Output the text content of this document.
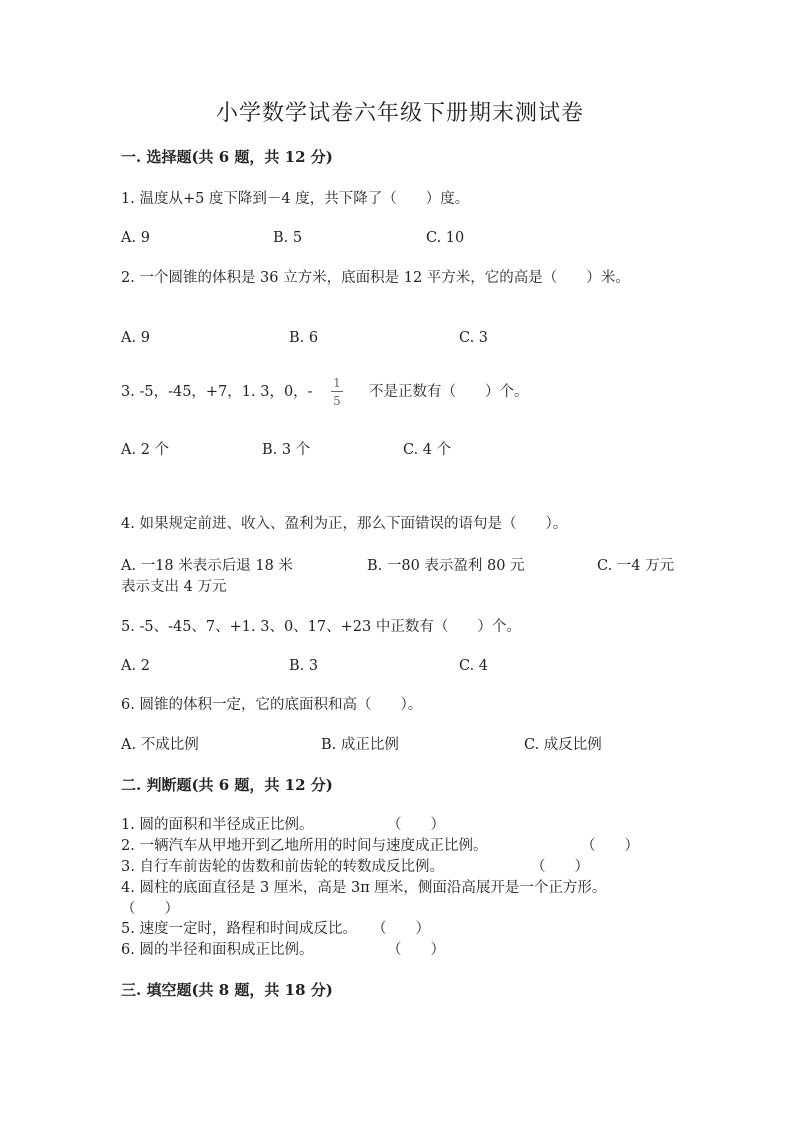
小学数学试卷六年级下册期末测试卷
一. 选择题(共 6 题，共 12 分)
1. 温度从+5 度下降到－4 度，共下降了（　　）度。
A. 9	B. 5	C. 10
2. 一个圆锥的体积是 36 立方米，底面积是 12 平方米，它的高是（　　）米。
A. 9	B. 6	C. 3
3. -5，-45，+7，1. 3，0，-
1
5
不是正数有（　　）个。
A. 2 个	B. 3 个	C. 4 个
4. 如果规定前进、收入、盈利为正，那么下面错误的语句是（　　）。
A. 一18 米表示后退 18 米	B. 一80 表示盈利 80 元	C. 一4 万元
表示支出 4 万元
5. -5、-45、7、+1. 3、0、17、+23 中正数有（　　）个。
A. 2	B. 3	C. 4
6. 圆锥的体积一定，它的底面积和高（　　）。
A. 不成比例	B. 成正比例	C. 成反比例
二. 判断题(共 6 题，共 12 分)
1. 圆的面积和半径成正比例。	（　　）
2. 一辆汽车从甲地开到乙地所用的时间与速度成正比例。	（　　）
3. 自行车前齿轮的齿数和前齿轮的转数成反比例。	（　　）
4. 圆柱的底面直径是 3 厘米，高是 3π 厘米，侧面沿高展开是一个正方形。
（　　）
5. 速度一定时，路程和时间成反比。 （　　）
6. 圆的半径和面积成正比例。	（　　）
三. 填空题(共 8 题，共 18 分)
